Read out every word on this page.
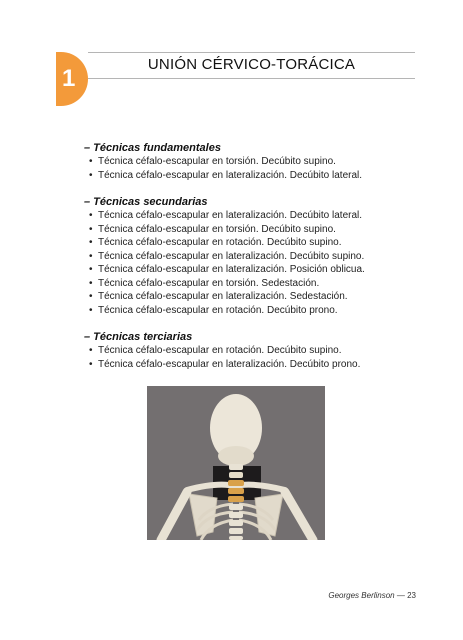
1
UNIÓN CÉRVICO-TORÁCICA
– Técnicas fundamentales
• Técnica céfalo-escapular en torsión. Decúbito supino.
• Técnica céfalo-escapular en lateralización. Decúbito lateral.
– Técnicas secundarias
• Técnica céfalo-escapular en lateralización. Decúbito lateral.
• Técnica céfalo-escapular en torsión. Decúbito supino.
• Técnica céfalo-escapular en rotación. Decúbito supino.
• Técnica céfalo-escapular en lateralización. Decúbito supino.
• Técnica céfalo-escapular en lateralización. Posición oblicua.
• Técnica céfalo-escapular en torsión. Sedestación.
• Técnica céfalo-escapular en lateralización. Sedestación.
• Técnica céfalo-escapular en rotación. Decúbito prono.
– Técnicas terciarias
• Técnica céfalo-escapular en rotación. Decúbito supino.
• Técnica céfalo-escapular en lateralización. Decúbito prono.
Georges Berlinson — 23
